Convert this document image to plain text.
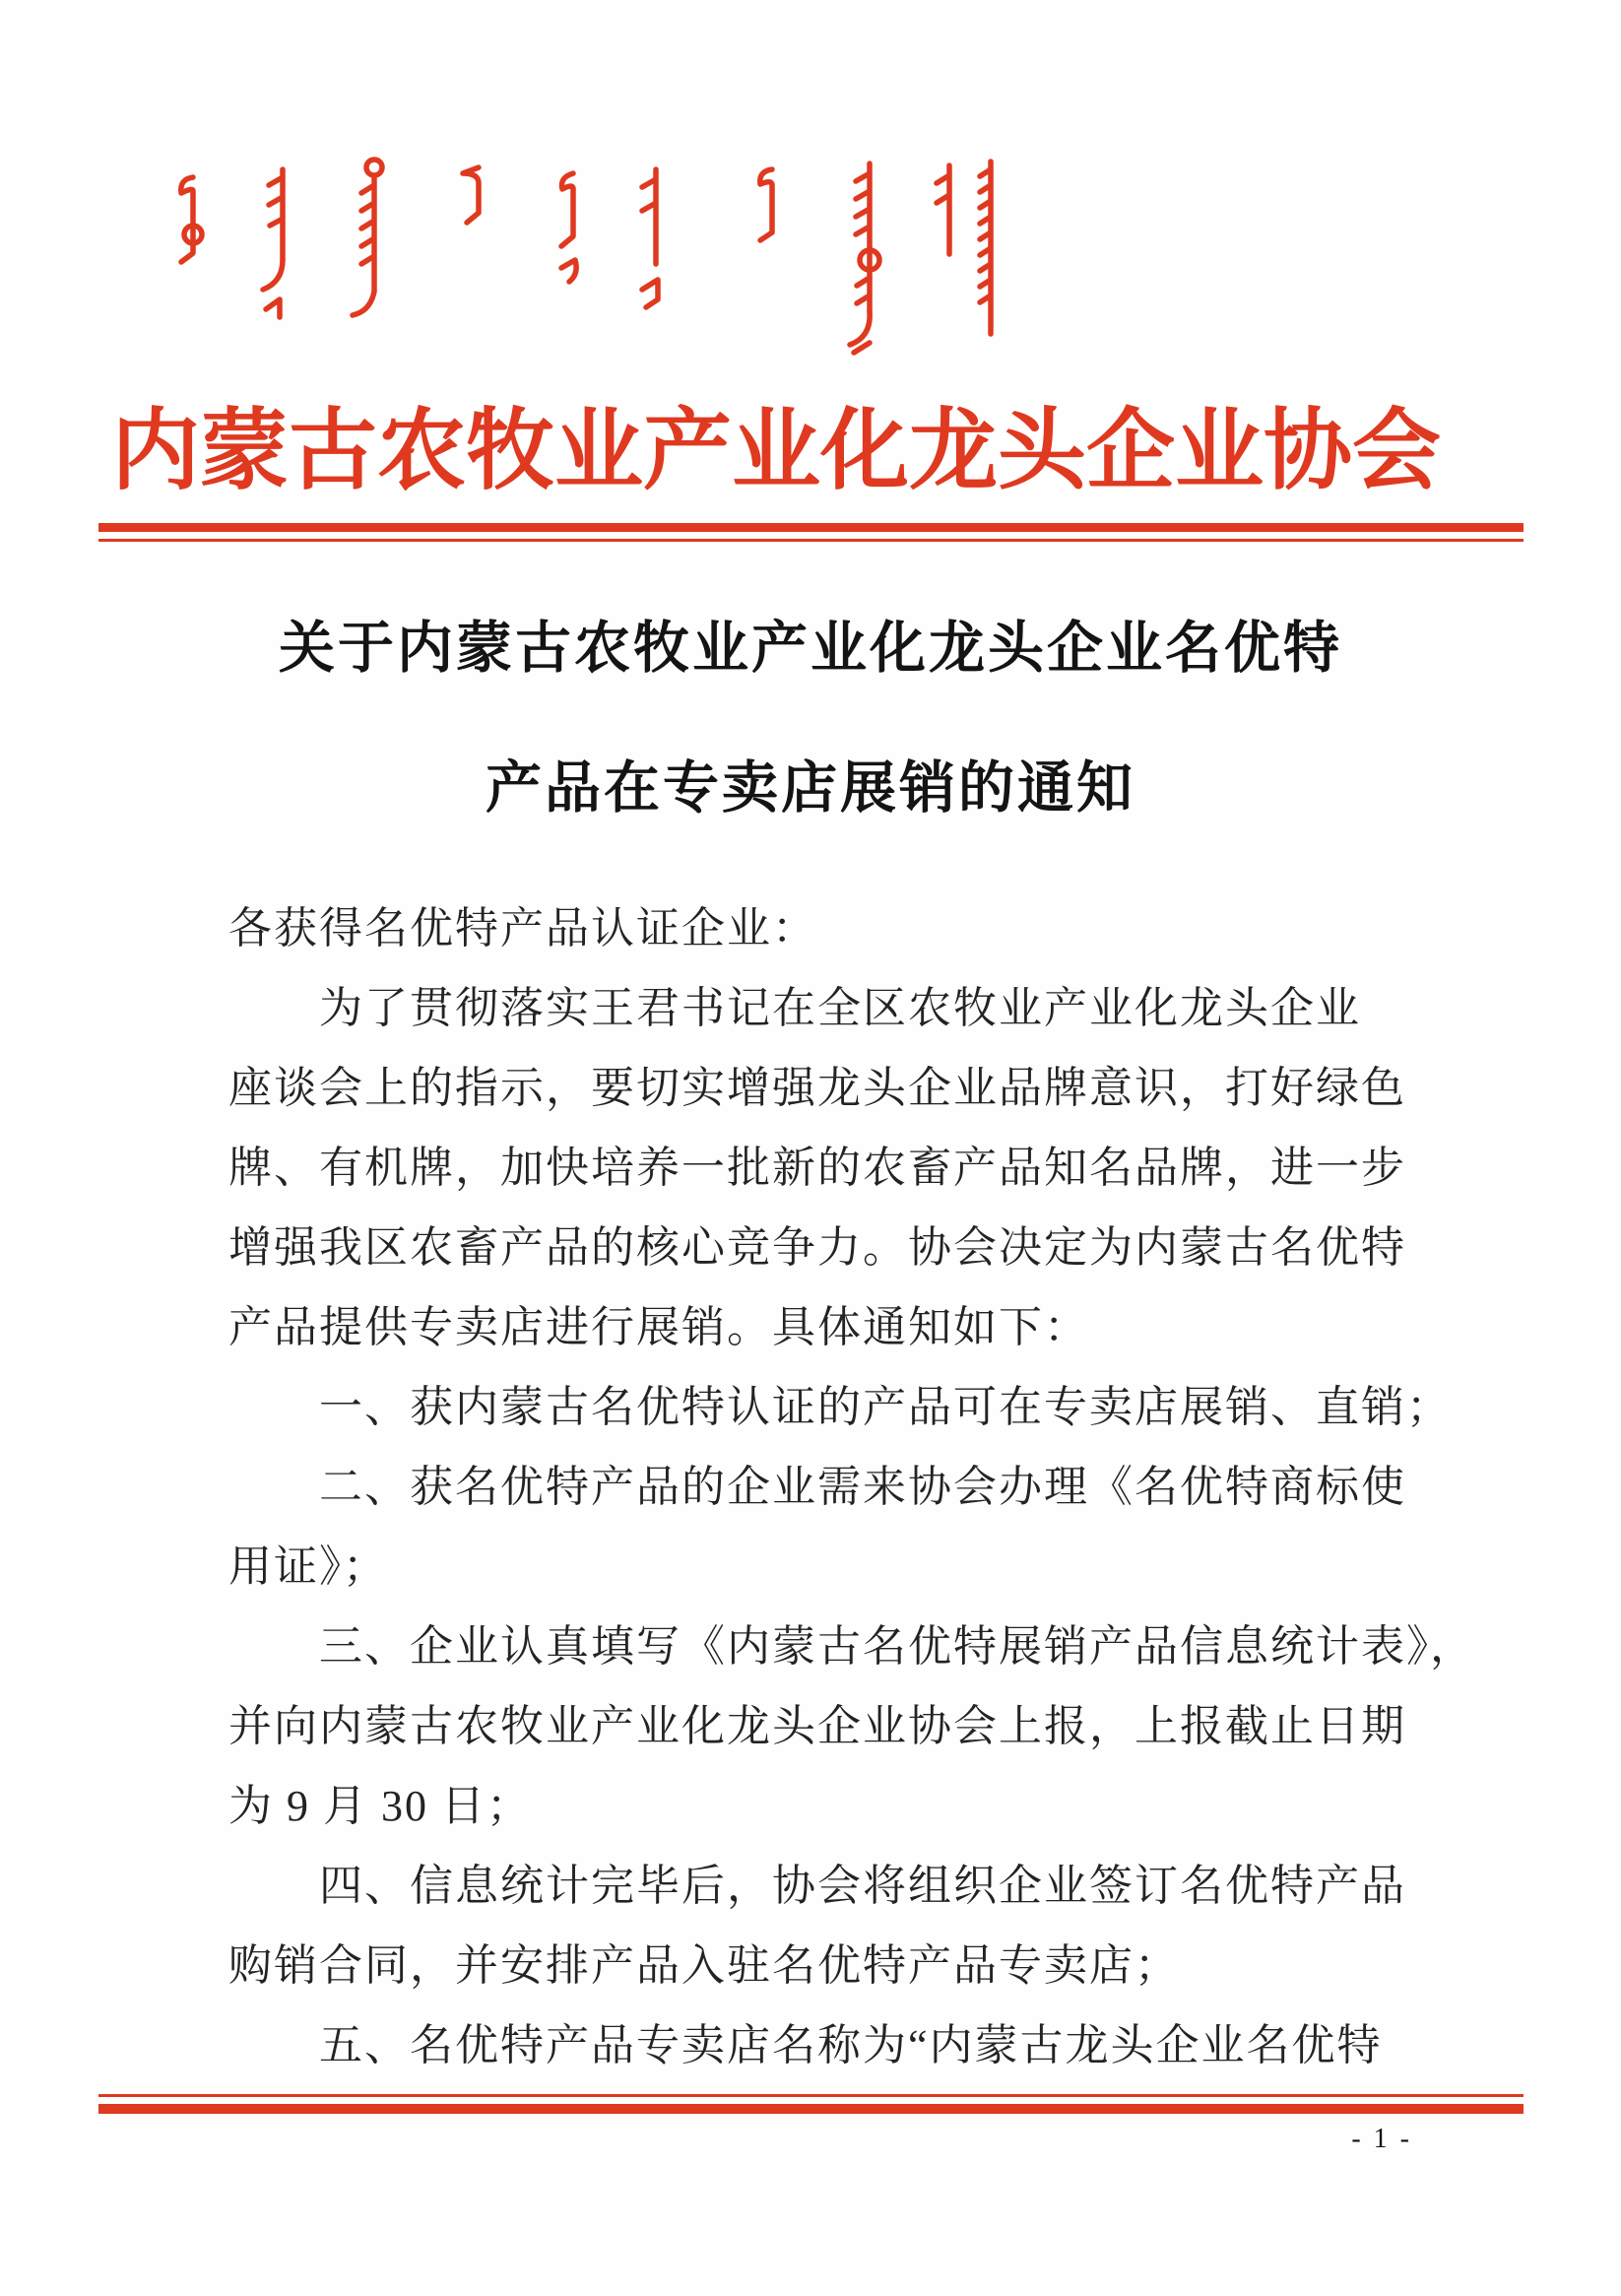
内蒙古农牧业产业化龙头企业协会
关于内蒙古农牧业产业化龙头企业名优特
产品在专卖店展销的通知
各获得名优特产品认证企业：
为了贯彻落实王君书记在全区农牧业产业化龙头企业
座谈会上的指示，要切实增强龙头企业品牌意识，打好绿色
牌、有机牌，加快培养一批新的农畜产品知名品牌，进一步
增强我区农畜产品的核心竞争力。协会决定为内蒙古名优特
产品提供专卖店进行展销。具体通知如下：
一、获内蒙古名优特认证的产品可在专卖店展销、直销；
二、获名优特产品的企业需来协会办理《名优特商标使
用证》；
三、企业认真填写《内蒙古名优特展销产品信息统计表》，
并向内蒙古农牧业产业化龙头企业协会上报，上报截止日期
为 9 月 30 日；
四、信息统计完毕后，协会将组织企业签订名优特产品
购销合同，并安排产品入驻名优特产品专卖店；
五、名优特产品专卖店名称为“内蒙古龙头企业名优特
- 1 -
